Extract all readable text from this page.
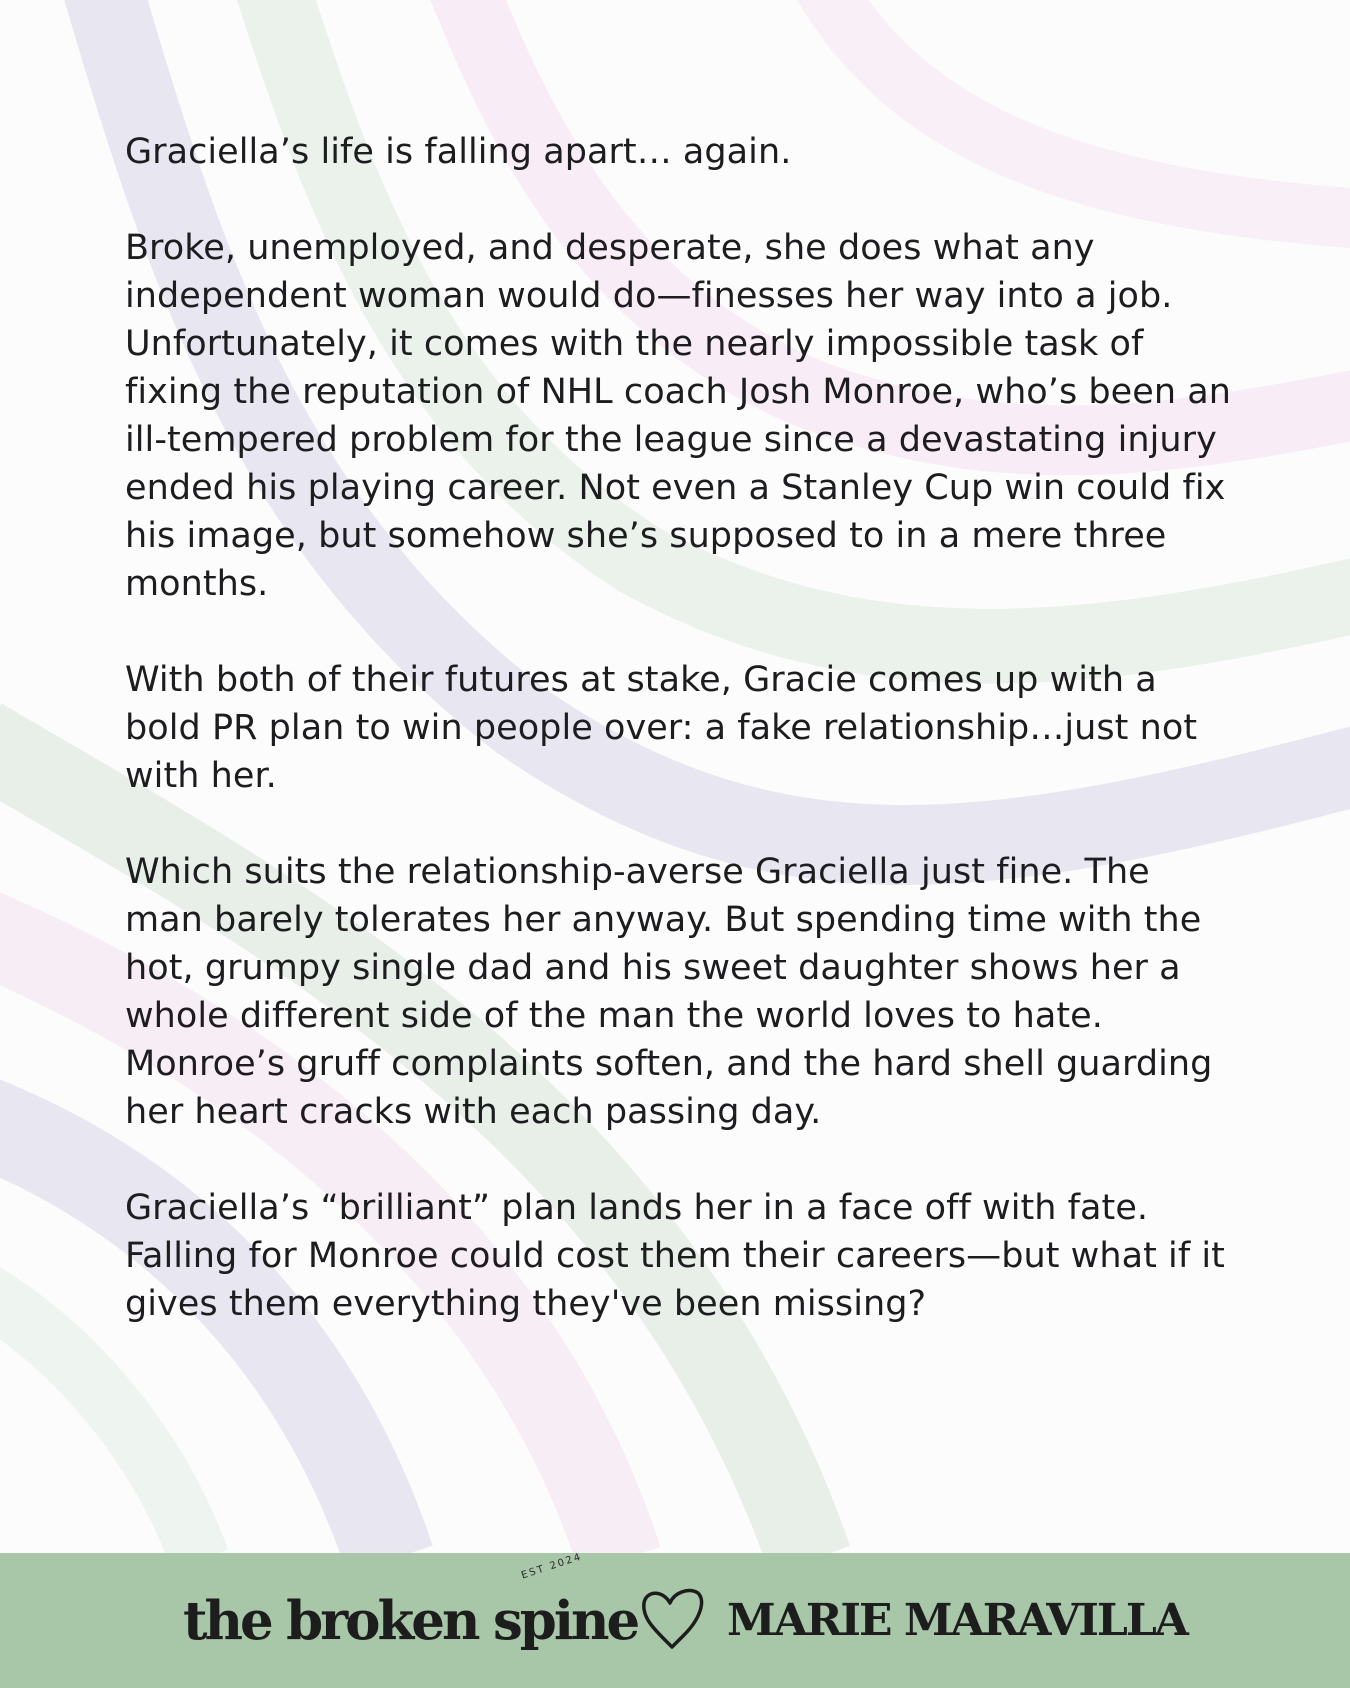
Graciella’s life is falling apart… again.

Broke, unemployed, and desperate, she does what any independent woman would do—finesses her way into a job. Unfortunately, it comes with the nearly impossible task of fixing the reputation of NHL coach Josh Monroe, who’s been an ill-tempered problem for the league since a devastating injury ended his playing career. Not even a Stanley Cup win could fix his image, but somehow she’s supposed to in a mere three months.

With both of their futures at stake, Gracie comes up with a bold PR plan to win people over: a fake relationship…just not with her.

Which suits the relationship-averse Graciella just fine. The man barely tolerates her anyway. But spending time with the hot, grumpy single dad and his sweet daughter shows her a whole different side of the man the world loves to hate. Monroe’s gruff complaints soften, and the hard shell guarding her heart cracks with each passing day.

Graciella’s “brilliant” plan lands her in a face off with fate. Falling for Monroe could cost them their careers—but what if it gives them everything they've been missing?

the broken spine
EST 2024
MARIE MARAVILLA
